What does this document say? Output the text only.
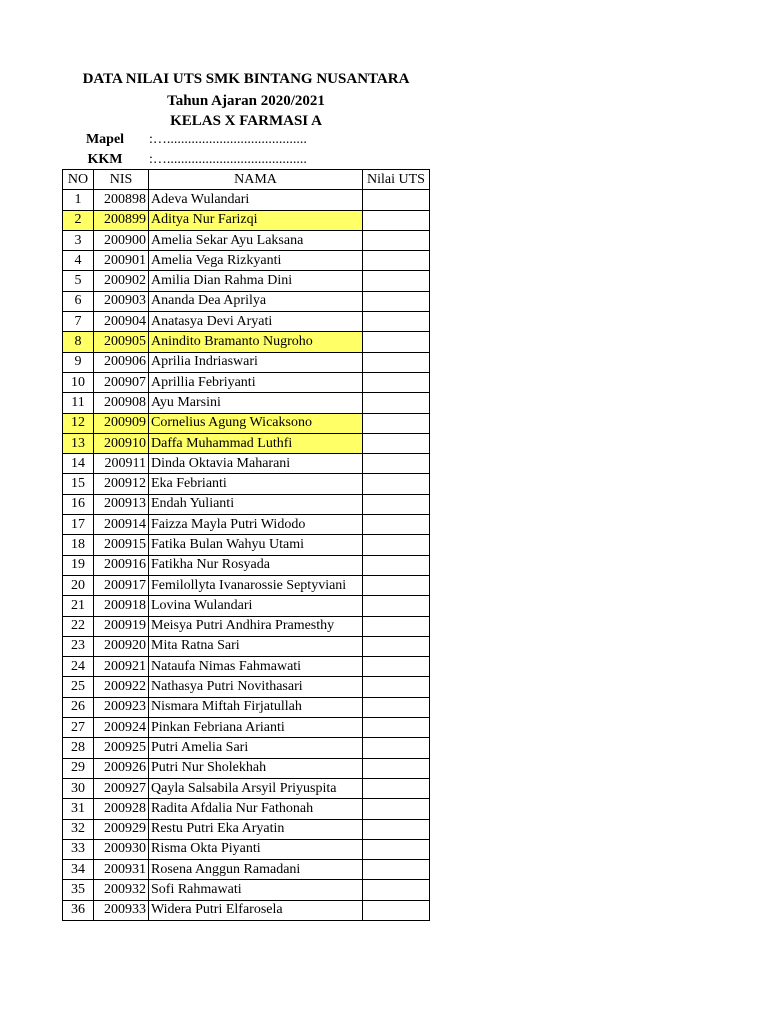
DATA NILAI UTS SMK BINTANG NUSANTARA
Tahun Ajaran 2020/2021
KELAS X FARMASI A
Mapel :…........................................
KKM	:…........................................
NO	NIS	NAMA	Nilai UTS
1	200898	Adeva Wulandari	
2	200899	Aditya Nur Farizqi	
3	200900	Amelia Sekar Ayu Laksana	
4	200901	Amelia Vega Rizkyanti	
5	200902	Amilia Dian Rahma Dini	
6	200903	Ananda Dea Aprilya	
7	200904	Anatasya Devi Aryati	
8	200905	Anindito Bramanto Nugroho	
9	200906	Aprilia Indriaswari	
10	200907	Aprillia Febriyanti	
11	200908	Ayu Marsini	
12	200909	Cornelius Agung Wicaksono	
13	200910	Daffa Muhammad Luthfi	
14	200911	Dinda Oktavia Maharani	
15	200912	Eka Febrianti	
16	200913	Endah Yulianti	
17	200914	Faizza Mayla Putri Widodo	
18	200915	Fatika Bulan Wahyu Utami	
19	200916	Fatikha Nur Rosyada	
20	200917	Femilollyta Ivanarossie Septyviani	
21	200918	Lovina Wulandari	
22	200919	Meisya Putri Andhira Pramesthy	
23	200920	Mita Ratna Sari	
24	200921	Nataufa Nimas Fahmawati	
25	200922	Nathasya Putri Novithasari	
26	200923	Nismara Miftah Firjatullah	
27	200924	Pinkan Febriana Arianti	
28	200925	Putri Amelia Sari	
29	200926	Putri Nur Sholekhah	
30	200927	Qayla Salsabila Arsyil Priyuspita	
31	200928	Radita Afdalia Nur Fathonah	
32	200929	Restu Putri Eka Aryatin	
33	200930	Risma Okta Piyanti	
34	200931	Rosena Anggun Ramadani	
35	200932	Sofi Rahmawati	
36	200933	Widera Putri Elfarosela	
